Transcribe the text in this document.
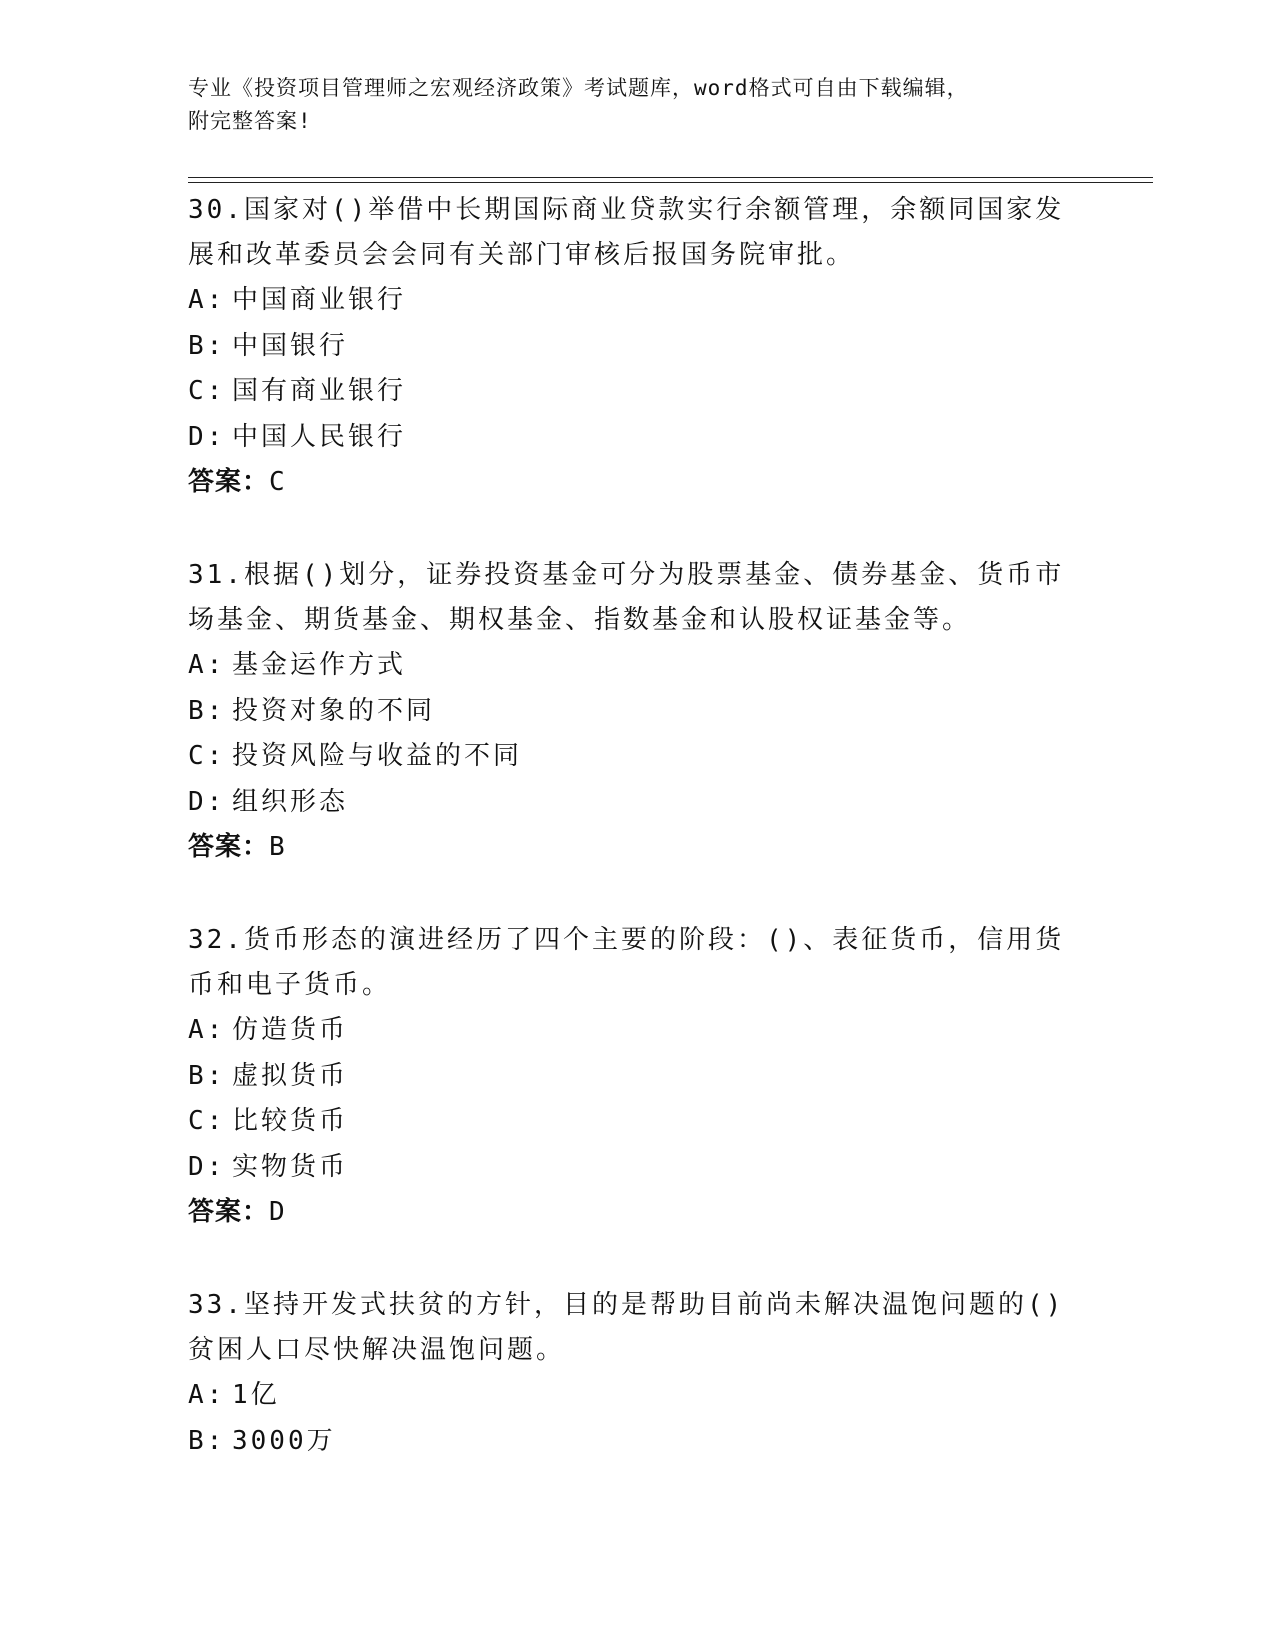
专业《投资项目管理师之宏观经济政策》考试题库，word格式可自由下载编辑，
附完整答案!

30.国家对()举借中长期国际商业贷款实行余额管理，余额同国家发展和改革委员会会同有关部门审核后报国务院审批。

A: 中国商业银行

B: 中国银行

C: 国有商业银行

D: 中国人民银行

答案：C

31.根据()划分，证券投资基金可分为股票基金、债券基金、货币市场基金、期货基金、期权基金、指数基金和认股权证基金等。

A: 基金运作方式

B: 投资对象的不同

C: 投资风险与收益的不同

D: 组织形态

答案：B

32.货币形态的演进经历了四个主要的阶段：()、表征货币，信用货币和电子货币。

A: 仿造货币

B: 虚拟货币

C: 比较货币

D: 实物货币

答案：D

33.坚持开发式扶贫的方针，目的是帮助目前尚未解决温饱问题的()贫困人口尽快解决温饱问题。

A: 1亿

B: 3000万
